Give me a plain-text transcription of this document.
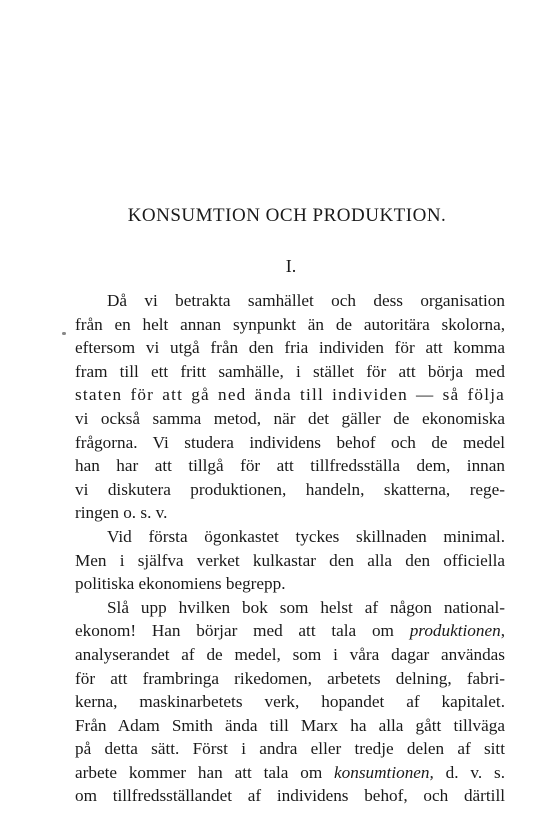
KONSUMTION OCH PRODUKTION.
I.
Då vi betrakta samhället och dess organisation
från en helt annan synpunkt än de autoritära skolorna,
eftersom vi utgå från den fria individen för att komma
fram till ett fritt samhälle, i stället för att börja med
staten för att gå ned ända till individen — så följa
vi också samma metod, när det gäller de ekonomiska
frågorna. Vi studera individens behof och de medel
han har att tillgå för att tillfredsställa dem, innan
vi diskutera produktionen, handeln, skatterna, rege-
ringen o. s. v.
Vid första ögonkastet tyckes skillnaden minimal.
Men i själfva verket kulkastar den alla den officiella
politiska ekonomiens begrepp.
Slå upp hvilken bok som helst af någon national-
ekonom! Han börjar med att tala om produktionen,
analyserandet af de medel, som i våra dagar användas
för att frambringa rikedomen, arbetets delning, fabri-
kerna, maskinarbetets verk, hopandet af kapitalet.
Från Adam Smith ända till Marx ha alla gått tillväga
på detta sätt. Först i andra eller tredje delen af sitt
arbete kommer han att tala om konsumtionen, d. v. s.
om tillfredsställandet af individens behof, och därtill
